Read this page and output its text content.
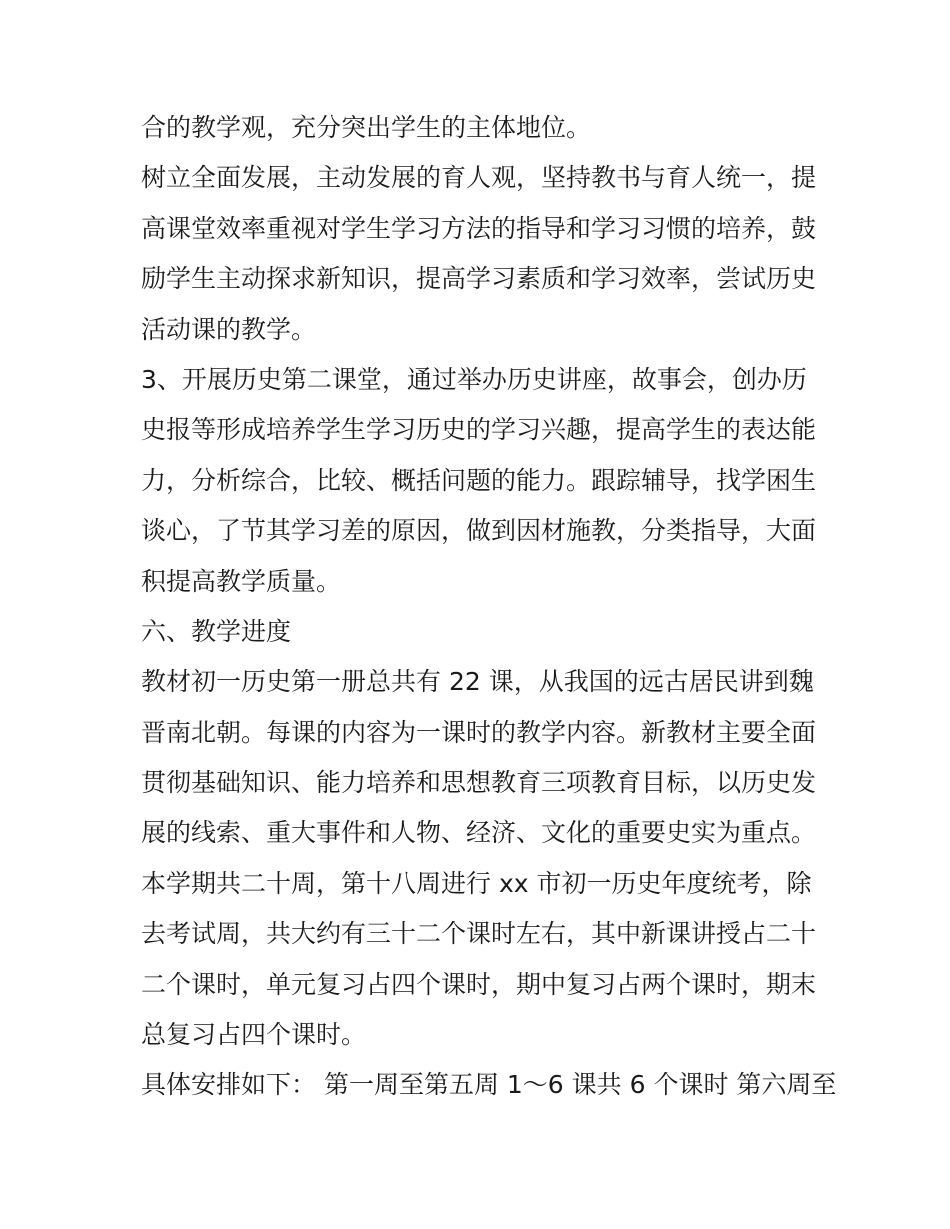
合的教学观，充分突出学生的主体地位。
树立全面发展，主动发展的育人观，坚持教书与育人统一，提
高课堂效率重视对学生学习方法的指导和学习习惯的培养，鼓
励学生主动探求新知识，提高学习素质和学习效率，尝试历史
活动课的教学。
3、开展历史第二课堂，通过举办历史讲座，故事会，创办历
史报等形成培养学生学习历史的学习兴趣，提高学生的表达能
力，分析综合，比较、概括问题的能力。跟踪辅导，找学困生
谈心，了节其学习差的原因，做到因材施教，分类指导，大面
积提高教学质量。
六、教学进度
教材初一历史第一册总共有 22 课，从我国的远古居民讲到魏
晋南北朝。每课的内容为一课时的教学内容。新教材主要全面
贯彻基础知识、能力培养和思想教育三项教育目标，以历史发
展的线索、重大事件和人物、经济、文化的重要史实为重点。
本学期共二十周，第十八周进行 xx 市初一历史年度统考，除
去考试周，共大约有三十二个课时左右，其中新课讲授占二十
二个课时，单元复习占四个课时，期中复习占两个课时，期末
总复习占四个课时。
具体安排如下： 第一周至第五周 1～6 课共 6 个课时 第六周至
